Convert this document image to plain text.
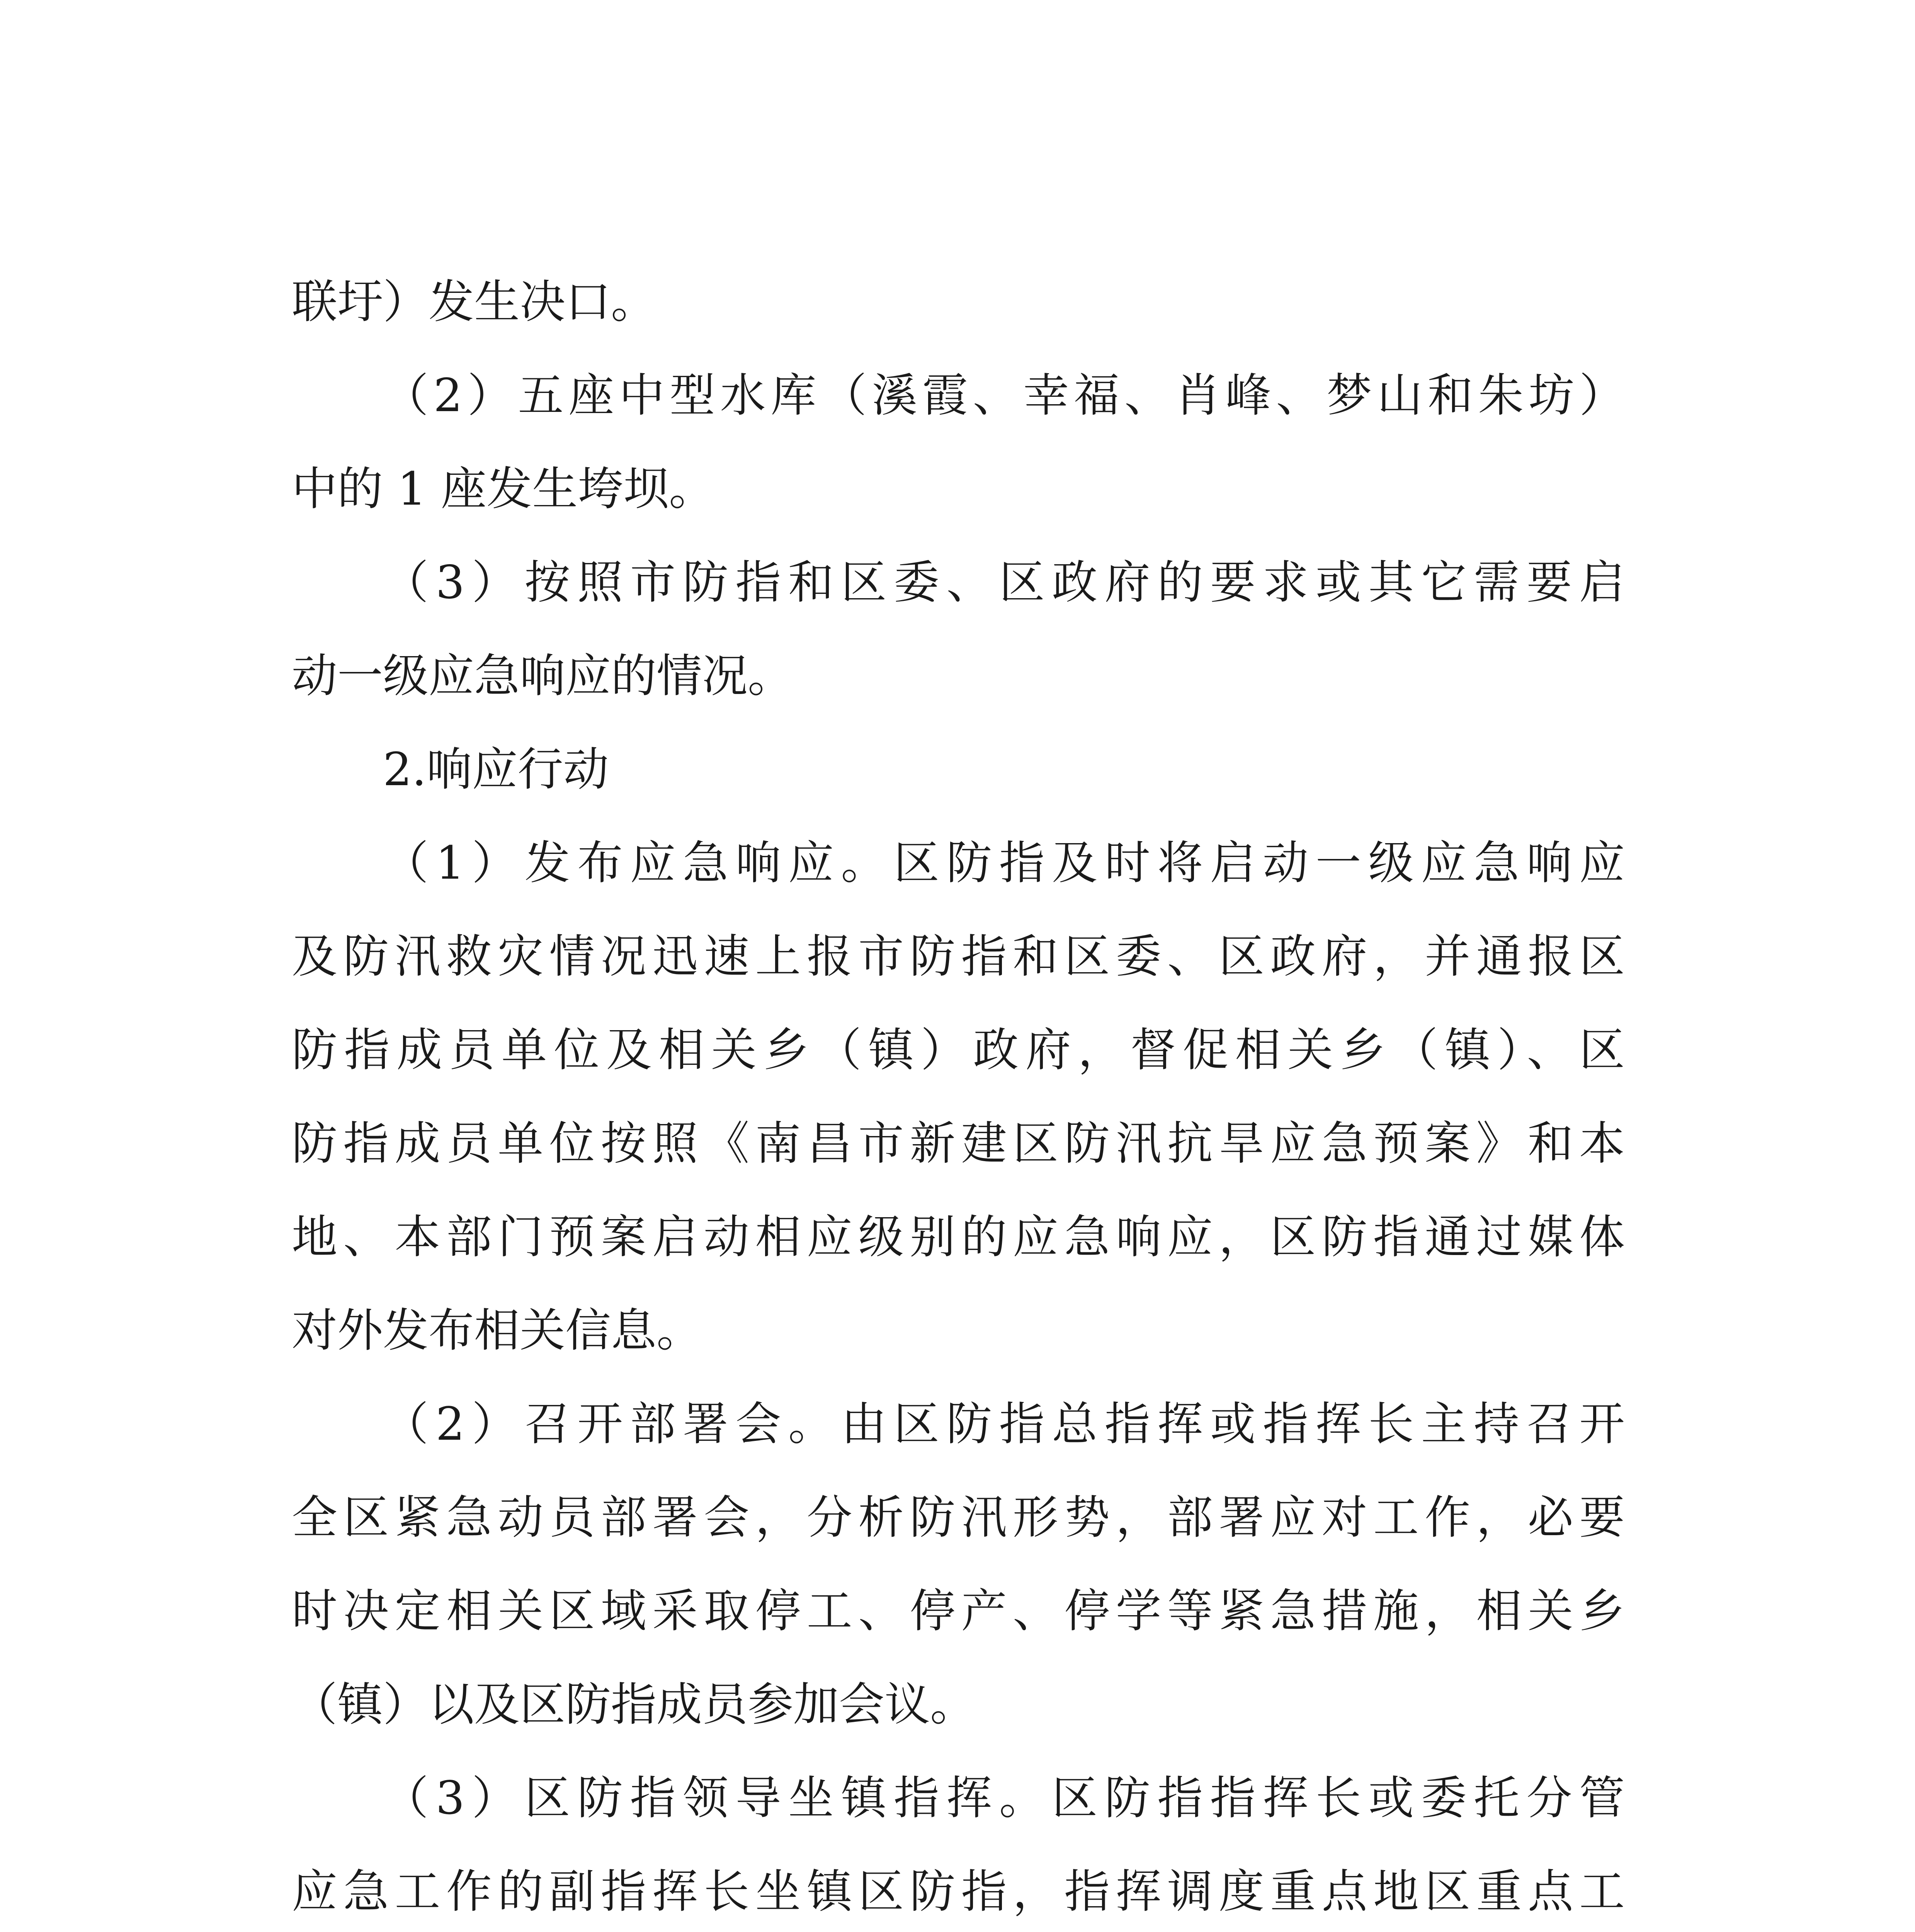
联圩）发生决口。
（2）五座中型水库（溪霞、幸福、肖峰、梦山和朱坊）
中的 1 座发生垮坝。
（3）按照市防指和区委、区政府的要求或其它需要启
动一级应急响应的情况。
2.响应行动
（1）发布应急响应。区防指及时将启动一级应急响应
及防汛救灾情况迅速上报市防指和区委、区政府，并通报区
防指成员单位及相关乡（镇）政府，督促相关乡（镇）、区
防指成员单位按照《南昌市新建区防汛抗旱应急预案》和本
地、本部门预案启动相应级别的应急响应，区防指通过媒体
对外发布相关信息。
（2）召开部署会。由区防指总指挥或指挥长主持召开
全区紧急动员部署会，分析防汛形势，部署应对工作，必要
时决定相关区域采取停工、停产、停学等紧急措施，相关乡
（镇）以及区防指成员参加会议。
（3）区防指领导坐镇指挥。区防指指挥长或委托分管
应急工作的副指挥长坐镇区防指，指挥调度重点地区重点工
